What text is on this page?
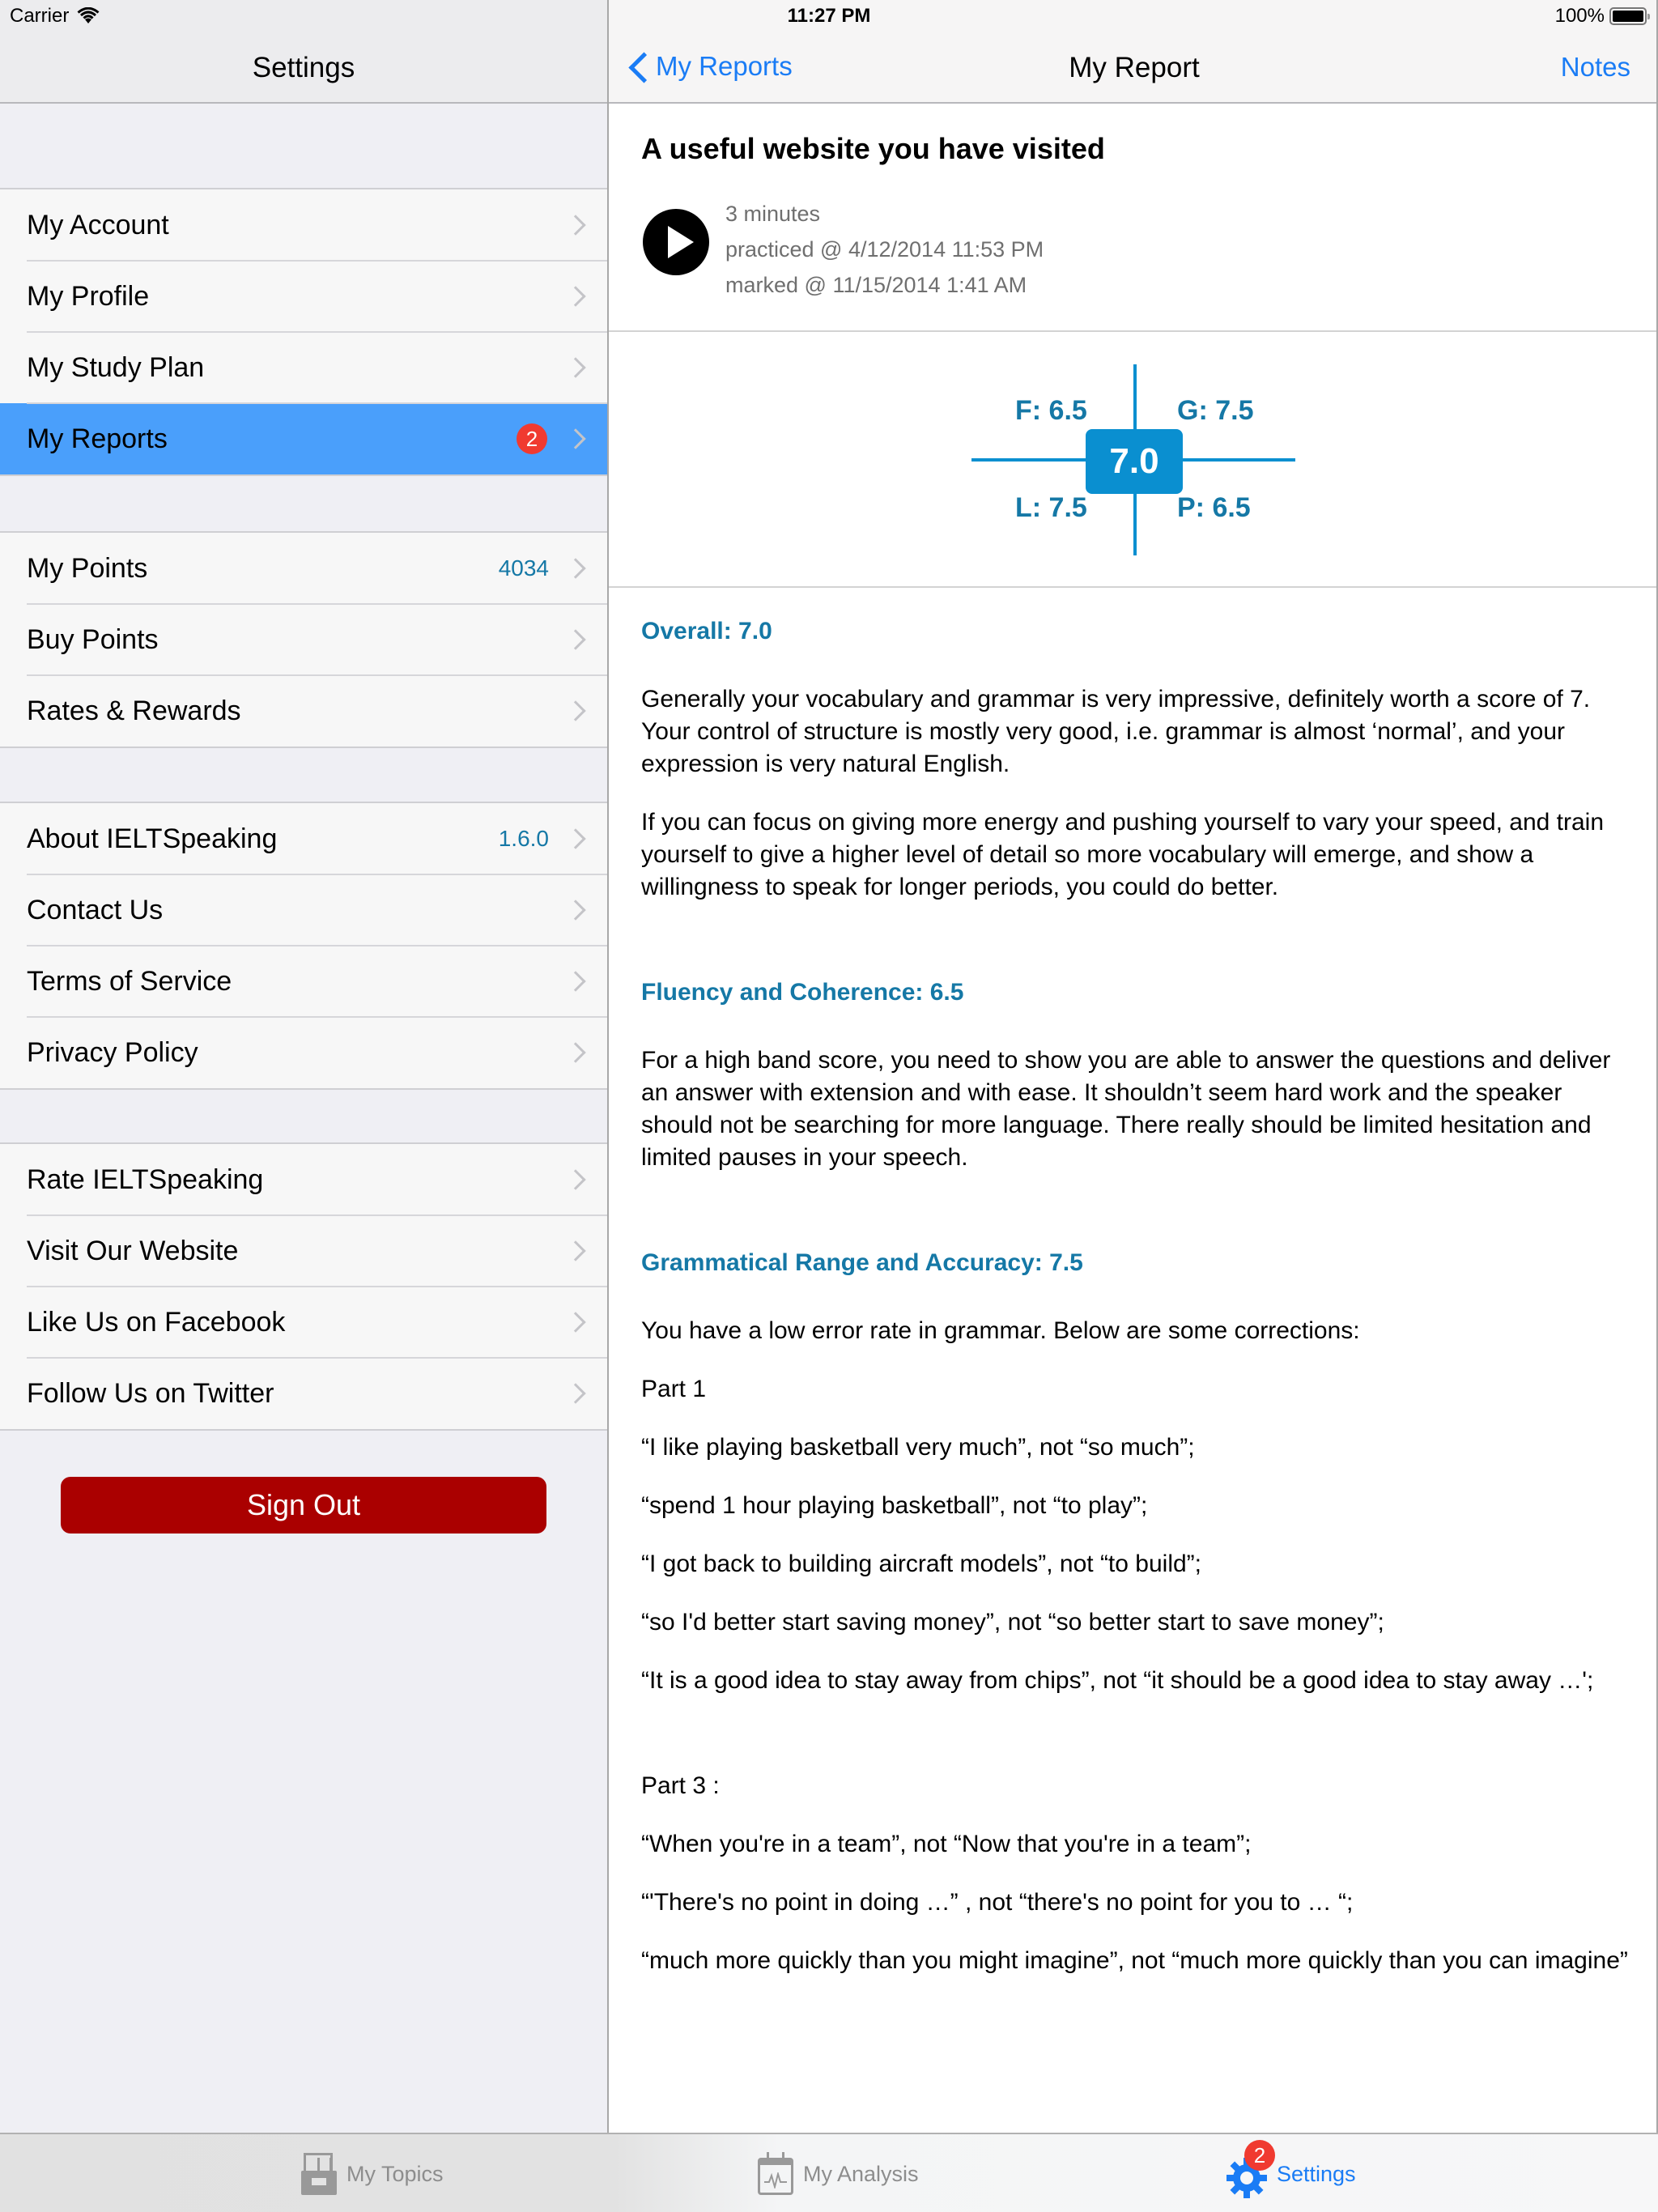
Carrier	11:27 PM	100%
Settings
My Account
My Profile
My Study Plan
My Reports	2
My Points	4034
Buy Points
Rates & Rewards
About IELTSpeaking	1.6.0
Contact Us
Terms of Service
Privacy Policy
Rate IELTSpeaking
Visit Our Website
Like Us on Facebook
Follow Us on Twitter
Sign Out
My Reports	My Report	Notes
A useful website you have visited
3 minutes
practiced @ 4/12/2014 11:53 PM
marked @ 11/15/2014 1:41 AM
F: 6.5	G: 7.5
L: 7.5	P: 6.5
7.0
Overall: 7.0

Generally your vocabulary and grammar is very impressive, definitely worth a score of 7. Your control of structure is mostly very good, i.e. grammar is almost ‘normal’, and your expression is very natural English.

If you can focus on giving more energy and pushing yourself to vary your speed, and train yourself to give a higher level of detail so more vocabulary will emerge, and show a willingness to speak for longer periods, you could do better.

Fluency and Coherence: 6.5

For a high band score, you need to show you are able to answer the questions and deliver an answer with extension and with ease. It shouldn’t seem hard work and the speaker should not be searching for more language. There really should be limited hesitation and limited pauses in your speech.

Grammatical Range and Accuracy: 7.5

You have a low error rate in grammar. Below are some corrections:

Part 1

“I like playing basketball very much”, not “so much”;

“spend 1 hour playing basketball”, not “to play”;

“I got back to building aircraft models”, not “to build”;

“so I'd better start saving money”, not “so better start to save money”;

“It is a good idea to stay away from chips”, not “it should be a good idea to stay away …';

Part 3 :

“When you're in a team”, not “Now that you're in a team”;

“'There's no point in doing …” , not “there's no point for you to … “;

“much more quickly than you might imagine”, not “much more quickly than you can imagine”

My Topics	My Analysis
2
Settings
